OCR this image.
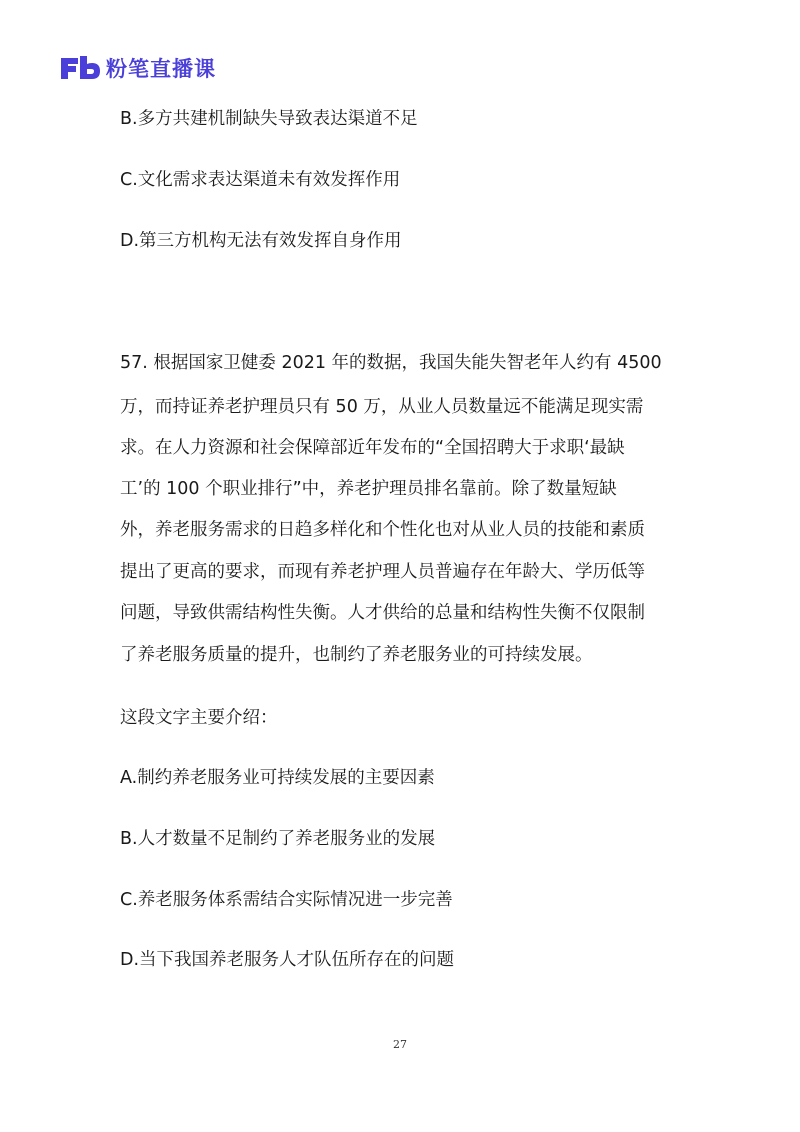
粉笔直播课
B.多方共建机制缺失导致表达渠道不足
C.文化需求表达渠道未有效发挥作用
D.第三方机构无法有效发挥自身作用
57. 根据国家卫健委 2021 年的数据，我国失能失智老年人约有 4500
万，而持证养老护理员只有 50 万，从业人员数量远不能满足现实需
求。在人力资源和社会保障部近年发布的“全国招聘大于求职‘最缺
工’的 100 个职业排行”中，养老护理员排名靠前。除了数量短缺
外，养老服务需求的日趋多样化和个性化也对从业人员的技能和素质
提出了更高的要求，而现有养老护理人员普遍存在年龄大、学历低等
问题，导致供需结构性失衡。人才供给的总量和结构性失衡不仅限制
了养老服务质量的提升，也制约了养老服务业的可持续发展。
这段文字主要介绍：
A.制约养老服务业可持续发展的主要因素
B.人才数量不足制约了养老服务业的发展
C.养老服务体系需结合实际情况进一步完善
D.当下我国养老服务人才队伍所存在的问题
27
